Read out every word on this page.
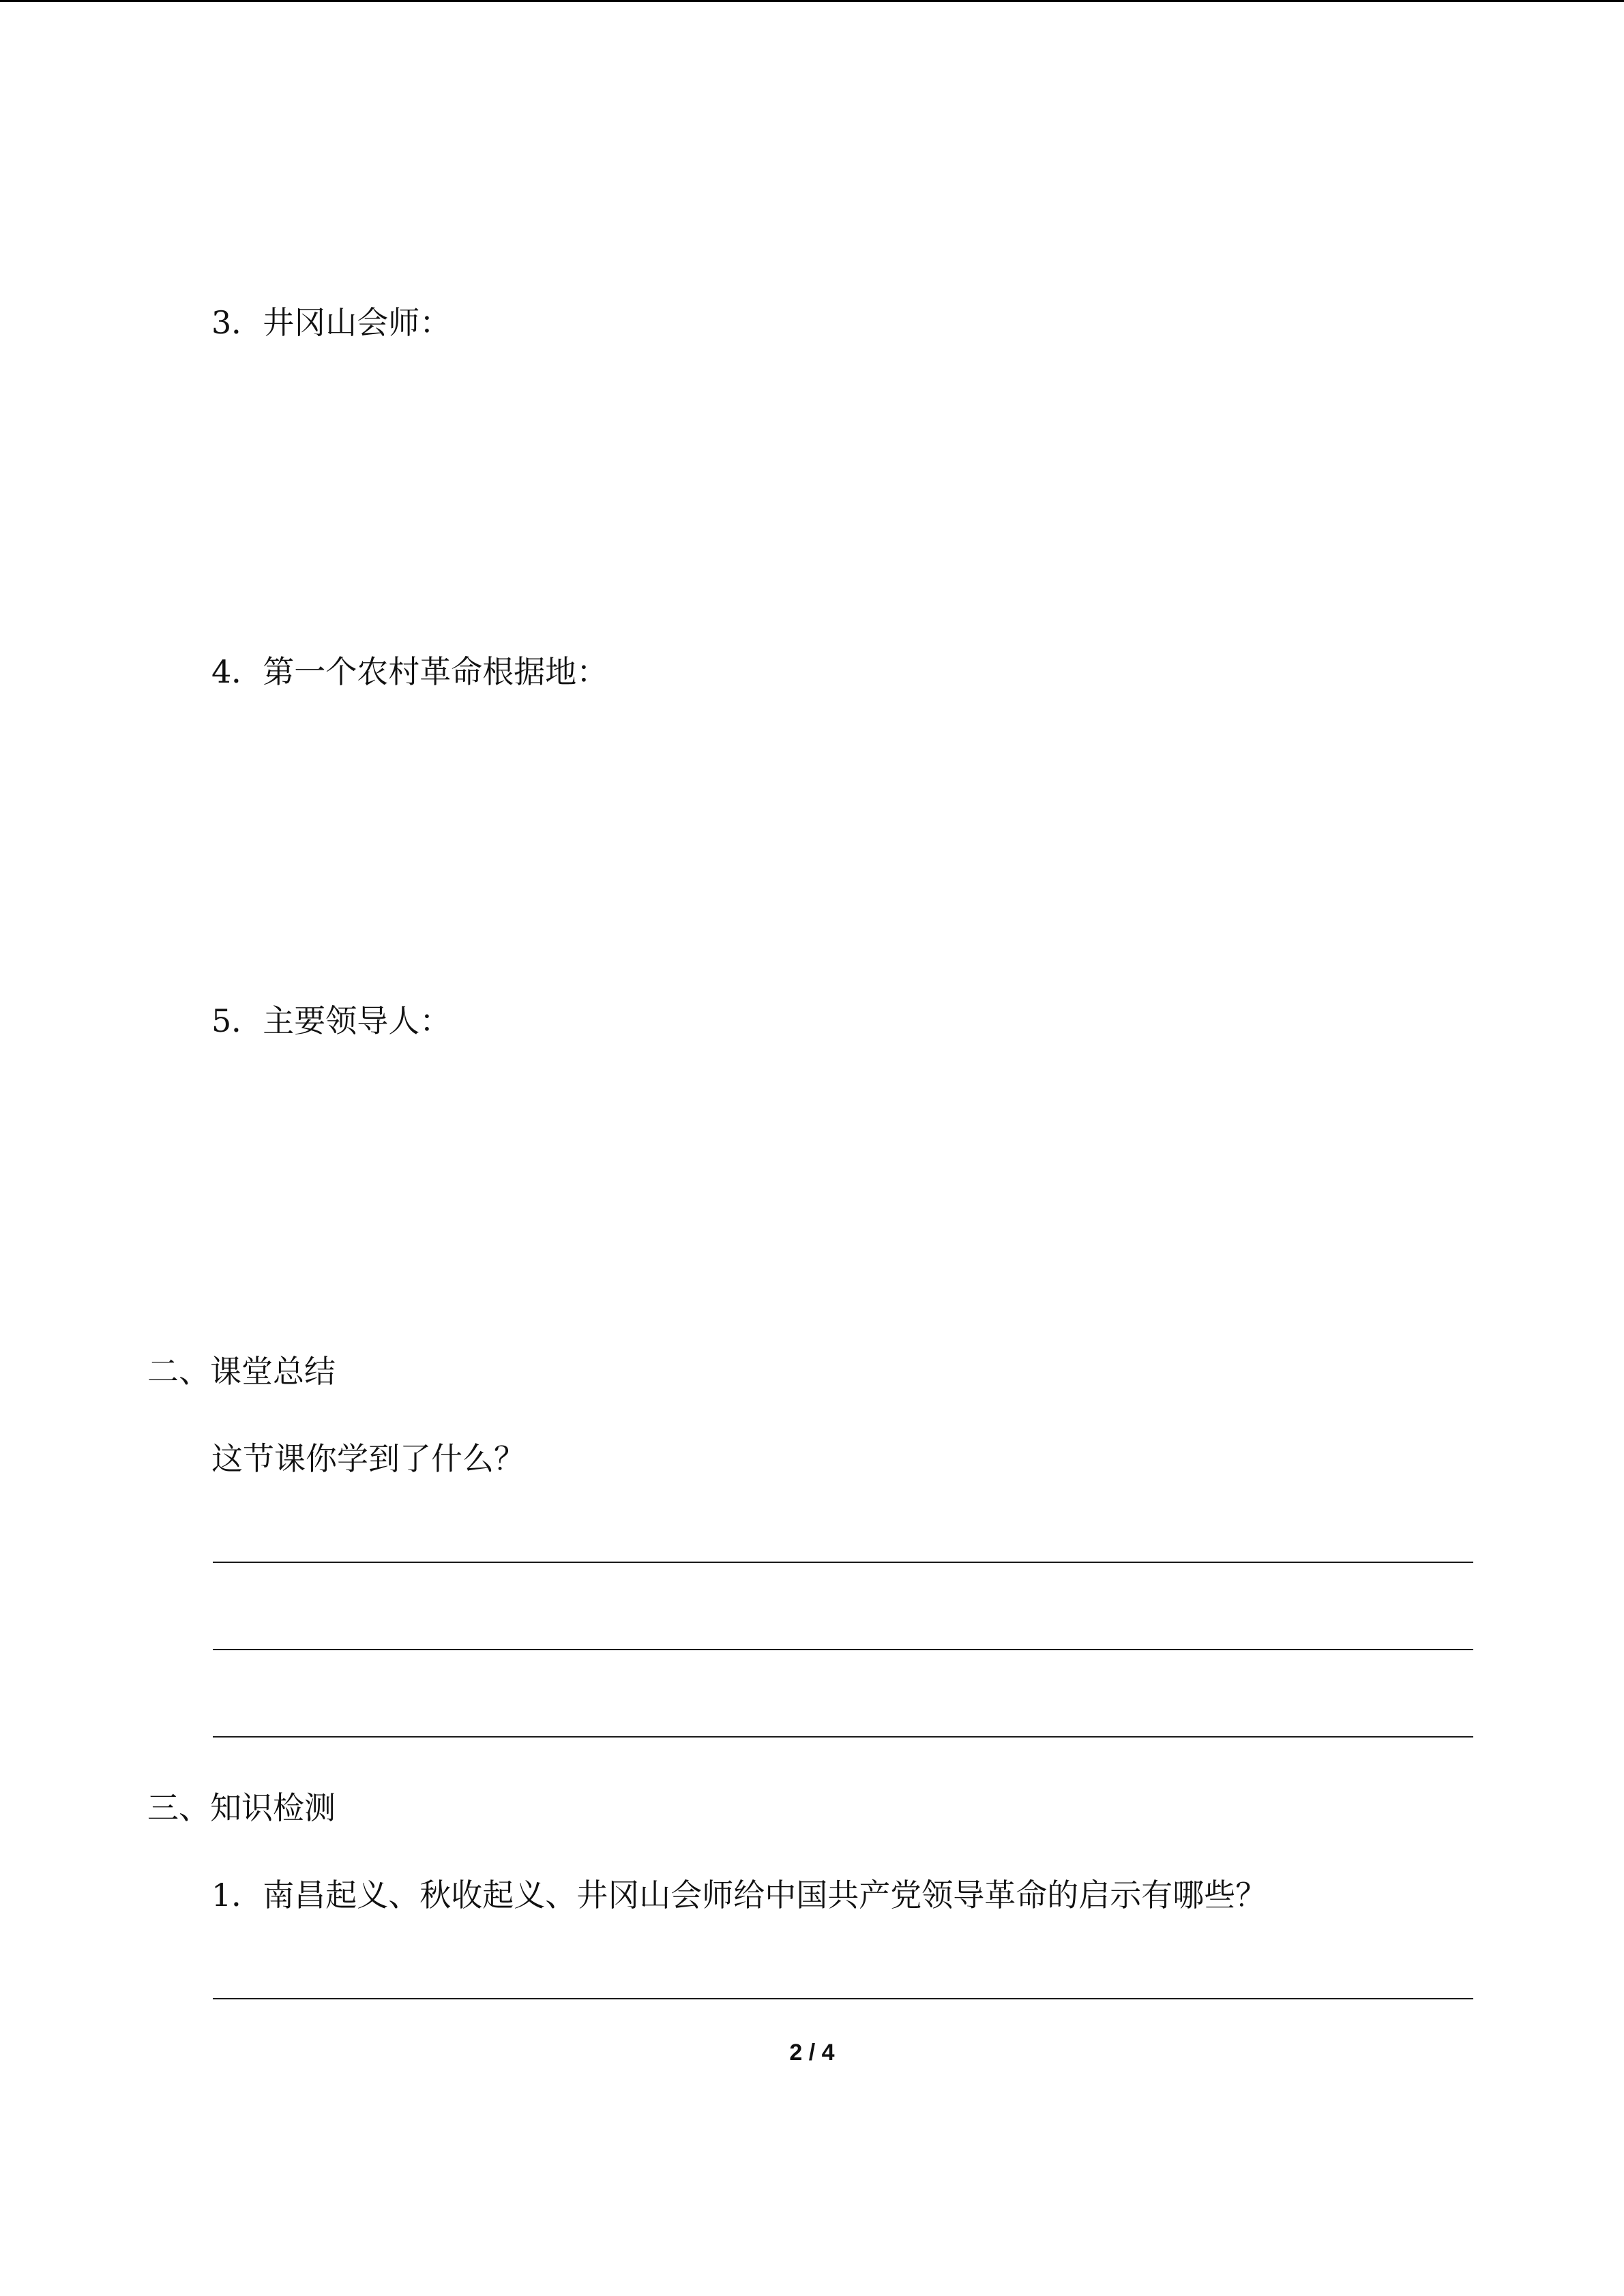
3．井冈山会师：
4．第一个农村革命根据地：
5．主要领导人：
二、课堂总结
这节课你学到了什么？
三、知识检测
1．南昌起义、秋收起义、井冈山会师给中国共产党领导革命的启示有哪些？
2 / 4
